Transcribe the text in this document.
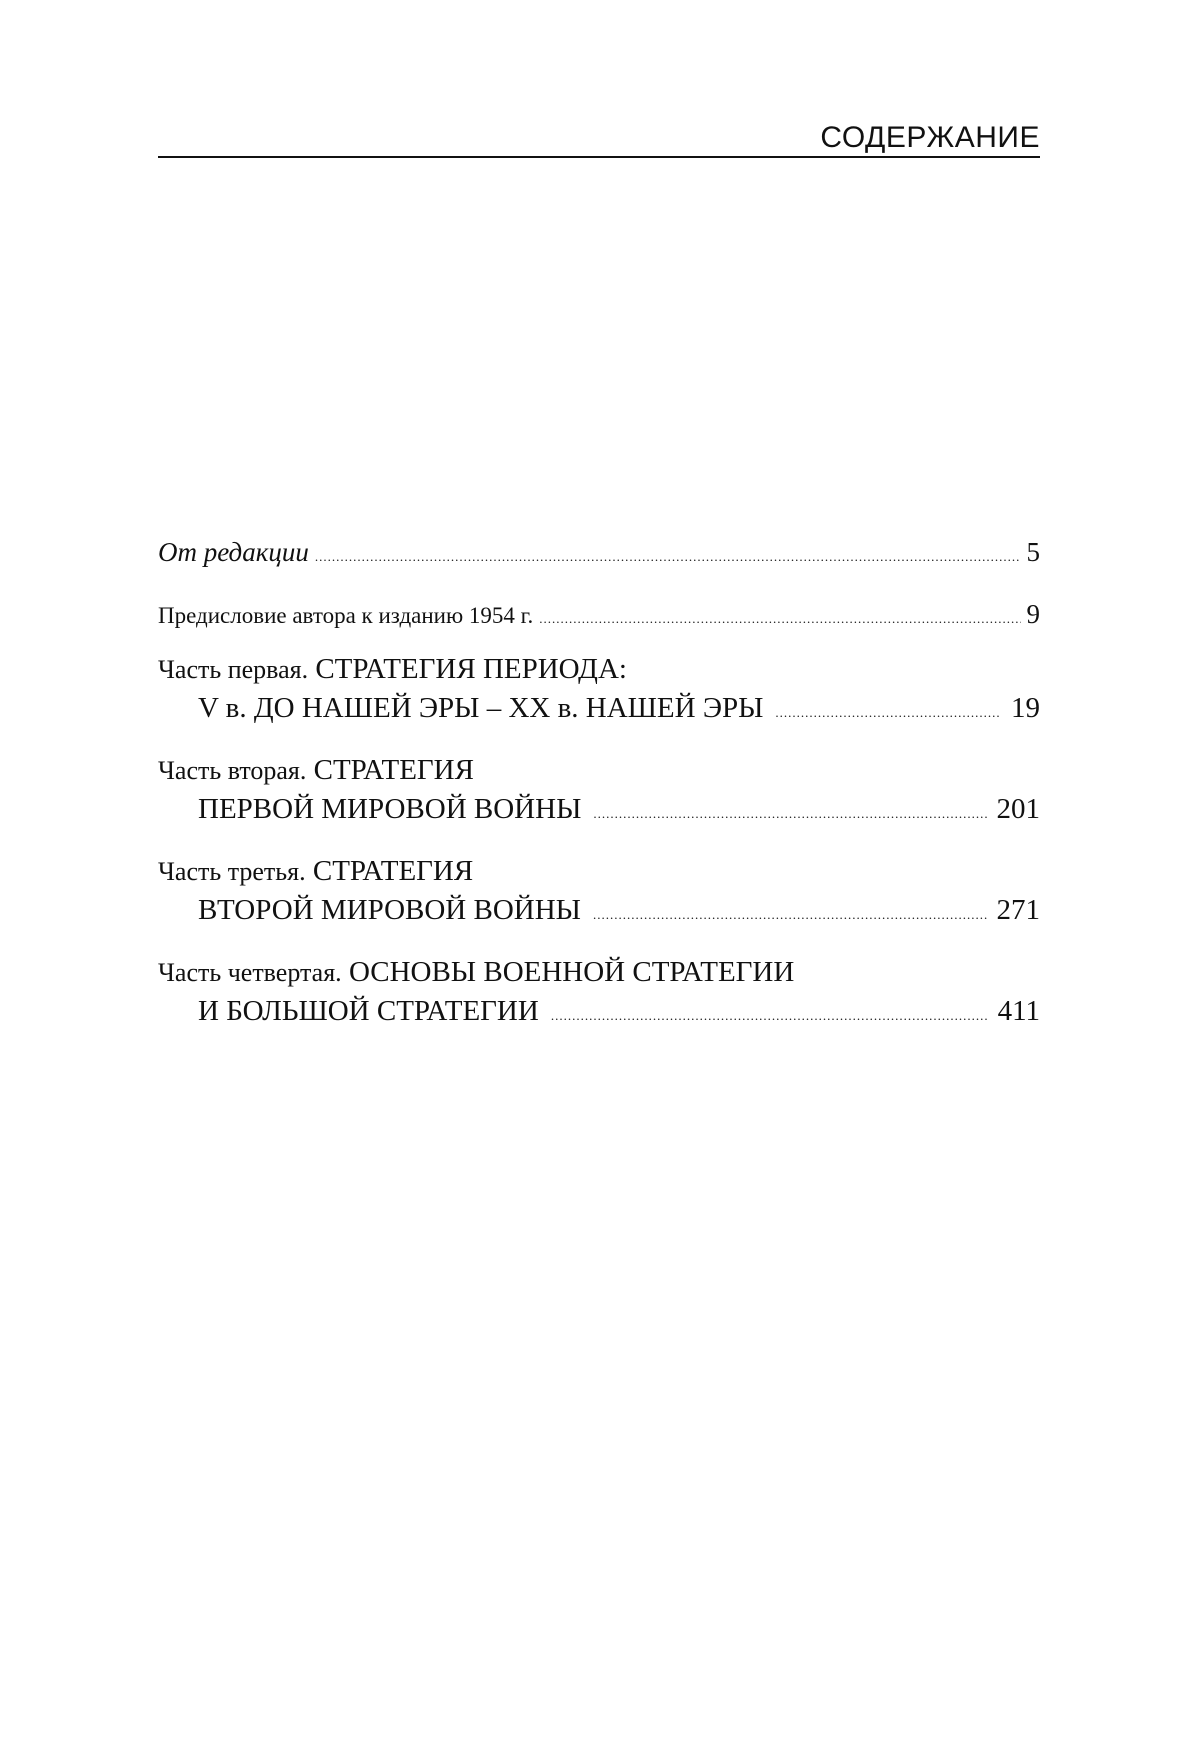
СОДЕРЖАНИЕ
От редакции .....	5
Предисловие автора к изданию 1954 г. .....	9
Часть первая. СТРАТЕГИЯ ПЕРИОДА:
V в. ДО НАШЕЙ ЭРЫ – XX в. НАШЕЙ ЭРЫ .....	19
Часть вторая. СТРАТЕГИЯ
ПЕРВОЙ МИРОВОЙ ВОЙНЫ .....	201
Часть третья. СТРАТЕГИЯ
ВТОРОЙ МИРОВОЙ ВОЙНЫ .....	271
Часть четвертая. ОСНОВЫ ВОЕННОЙ СТРАТЕГИИ
И БОЛЬШОЙ СТРАТЕГИИ .....	411
